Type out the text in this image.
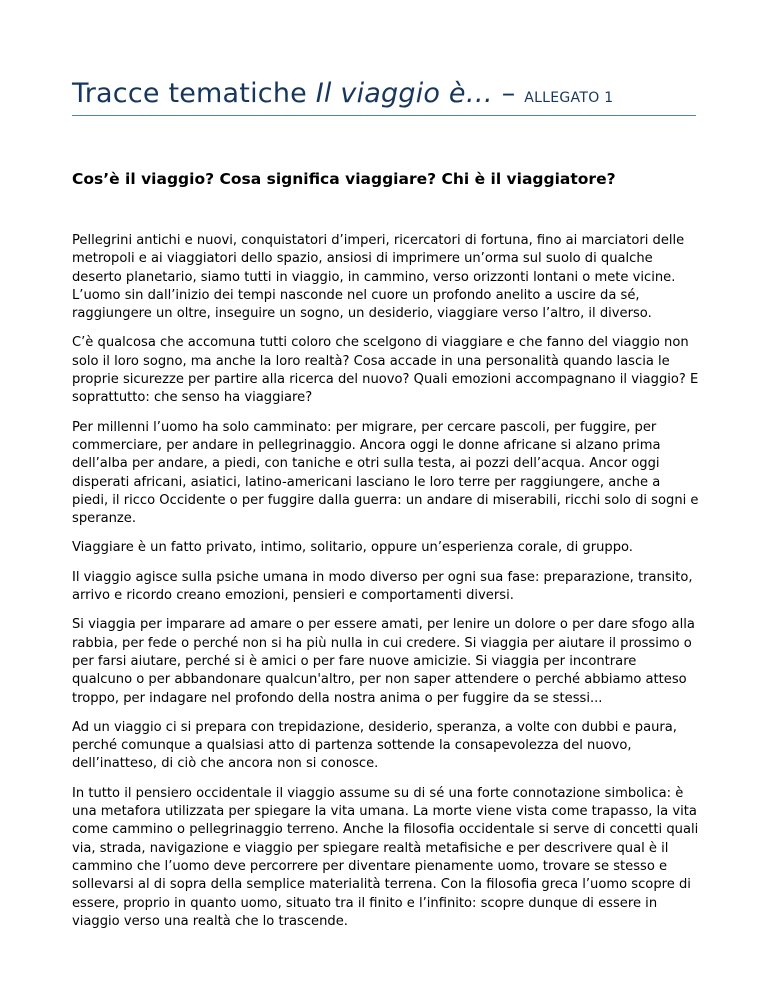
Tracce tematiche Il viaggio è… – ALLEGATO 1
Cos’è il viaggio? Cosa significa viaggiare? Chi è il viaggiatore?

Pellegrini antichi e nuovi, conquistatori d’imperi, ricercatori di fortuna, fino ai marciatori delle metropoli e ai viaggiatori dello spazio, ansiosi di imprimere un’orma sul suolo di qualche deserto planetario, siamo tutti in viaggio, in cammino, verso orizzonti lontani o mete vicine. L’uomo sin dall’inizio dei tempi nasconde nel cuore un profondo anelito a uscire da sé, raggiungere un oltre, inseguire un sogno, un desiderio, viaggiare verso l’altro, il diverso.

C’è qualcosa che accomuna tutti coloro che scelgono di viaggiare e che fanno del viaggio non solo il loro sogno, ma anche la loro realtà? Cosa accade in una personalità quando lascia le proprie sicurezze per partire alla ricerca del nuovo? Quali emozioni accompagnano il viaggio? E soprattutto: che senso ha viaggiare?

Per millenni l’uomo ha solo camminato: per migrare, per cercare pascoli, per fuggire, per commerciare, per andare in pellegrinaggio. Ancora oggi le donne africane si alzano prima dell’alba per andare, a piedi, con taniche e otri sulla testa, ai pozzi dell’acqua. Ancor oggi disperati africani, asiatici, latino-americani lasciano le loro terre per raggiungere, anche a piedi, il ricco Occidente o per fuggire dalla guerra: un andare di miserabili, ricchi solo di sogni e speranze.

Viaggiare è un fatto privato, intimo, solitario, oppure un’esperienza corale, di gruppo.

Il viaggio agisce sulla psiche umana in modo diverso per ogni sua fase: preparazione, transito, arrivo e ricordo creano emozioni, pensieri e comportamenti diversi.

Si viaggia per imparare ad amare o per essere amati, per lenire un dolore o per dare sfogo alla rabbia, per fede o perché non si ha più nulla in cui credere. Si viaggia per aiutare il prossimo o per farsi aiutare, perché si è amici o per fare nuove amicizie. Si viaggia per incontrare qualcuno o per abbandonare qualcun'altro, per non saper attendere o perché abbiamo atteso troppo, per indagare nel profondo della nostra anima o per fuggire da se stessi...

Ad un viaggio ci si prepara con trepidazione, desiderio, speranza, a volte con dubbi e paura, perché comunque a qualsiasi atto di partenza sottende la consapevolezza del nuovo, dell’inatteso, di ciò che ancora non si conosce.

In tutto il pensiero occidentale il viaggio assume su di sé una forte connotazione simbolica: è una metafora utilizzata per spiegare la vita umana. La morte viene vista come trapasso, la vita come cammino o pellegrinaggio terreno. Anche la filosofia occidentale si serve di concetti quali via, strada, navigazione e viaggio per spiegare realtà metafisiche e per descrivere qual è il cammino che l’uomo deve percorrere per diventare pienamente uomo, trovare se stesso e sollevarsi al di sopra della semplice materialità terrena. Con la filosofia greca l’uomo scopre di essere, proprio in quanto uomo, situato tra il finito e l’infinito: scopre dunque di essere in viaggio verso una realtà che lo trascende.
